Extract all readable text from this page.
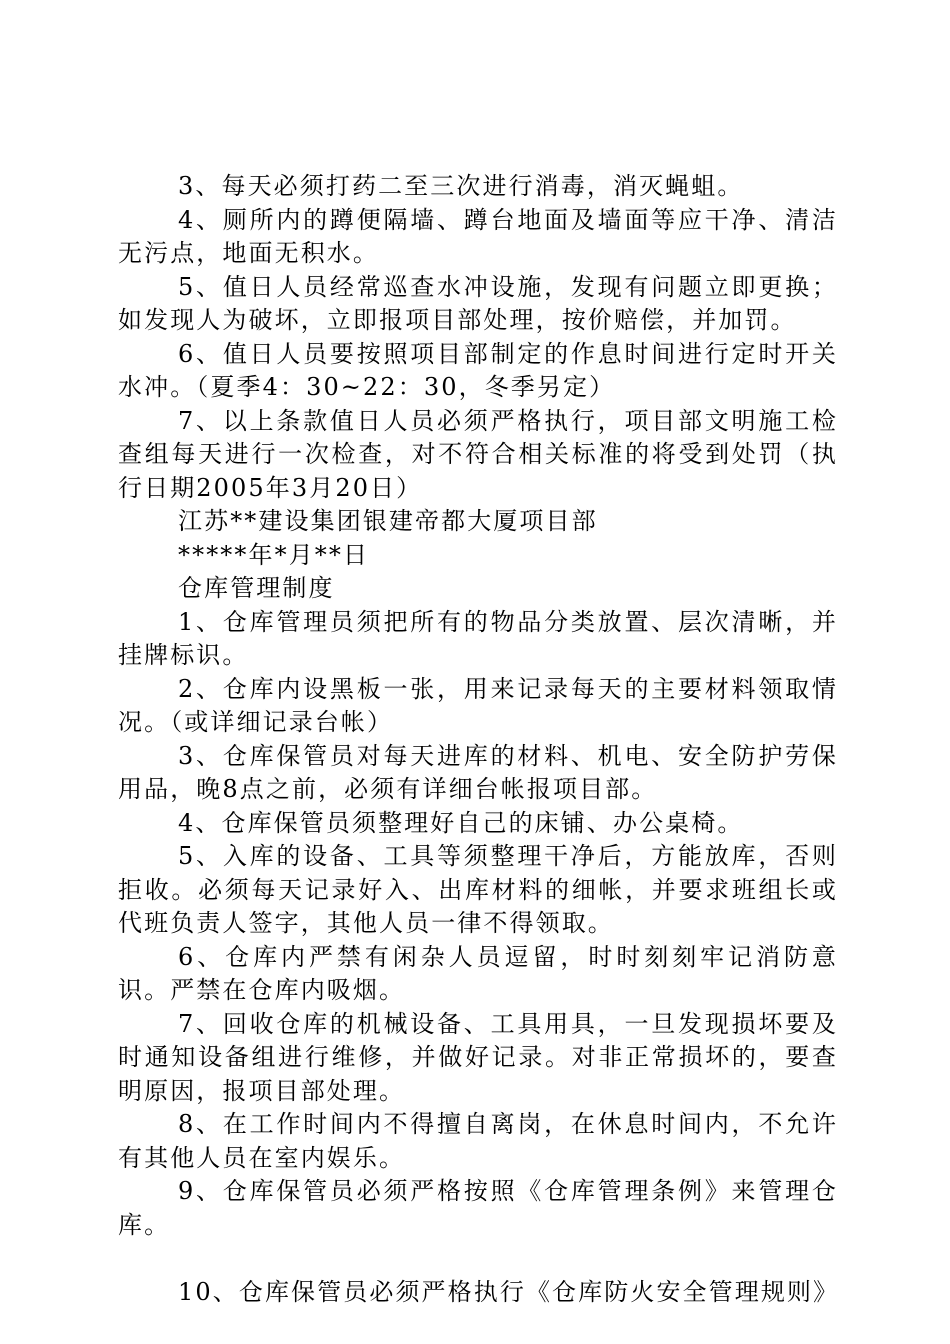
3、每天必须打药二至三次进行消毒，消灭蝇蛆。

4、厕所内的蹲便隔墙、蹲台地面及墙面等应干净、清洁无污点，地面无积水。

5、值日人员经常巡查水冲设施，发现有问题立即更换；如发现人为破坏，立即报项目部处理，按价赔偿，并加罚。

6、值日人员要按照项目部制定的作息时间进行定时开关水冲。（夏季4：30~22：30，冬季另定）

7、以上条款值日人员必须严格执行，项目部文明施工检查组每天进行一次检查，对不符合相关标准的将受到处罚（执行日期2005年3月20日）

江苏**建设集团银建帝都大厦项目部

*****年*月**日

仓库管理制度

1、仓库管理员须把所有的物品分类放置、层次清晰，并挂牌标识。

2、仓库内设黑板一张，用来记录每天的主要材料领取情况。（或详细记录台帐）

3、仓库保管员对每天进库的材料、机电、安全防护劳保用品，晚8点之前，必须有详细台帐报项目部。

4、仓库保管员须整理好自己的床铺、办公桌椅。

5、入库的设备、工具等须整理干净后，方能放库，否则拒收。必须每天记录好入、出库材料的细帐，并要求班组长或代班负责人签字，其他人员一律不得领取。

6、仓库内严禁有闲杂人员逗留，时时刻刻牢记消防意识。严禁在仓库内吸烟。

7、回收仓库的机械设备、工具用具，一旦发现损坏要及时通知设备组进行维修，并做好记录。对非正常损坏的，要查明原因，报项目部处理。

8、在工作时间内不得擅自离岗，在休息时间内，不允许有其他人员在室内娱乐。

9、仓库保管员必须严格按照《仓库管理条例》来管理仓库。

10、仓库保管员必须严格执行《仓库防火安全管理规则》
